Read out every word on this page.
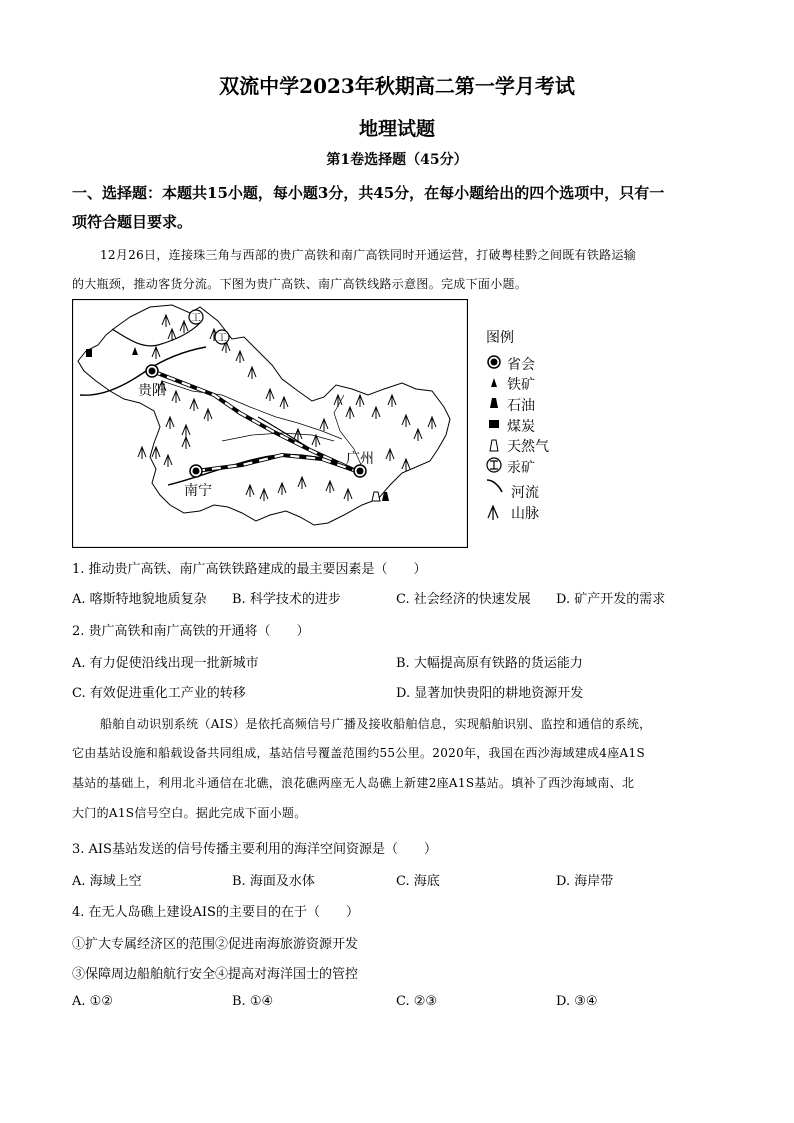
双流中学2023年秋期高二第一学月考试
地理试题
第1卷选择题（45分）
一、选择题：本题共15小题，每小题3分，共45分，在每小题给出的四个选项中，只有一
项符合题目要求。
12月26日，连接珠三角与西部的贵广高铁和南广高铁同时开通运营，打破粤桂黔之间既有铁路运输
的大瓶颈，推动客货分流。下图为贵广高铁、南广高铁线路示意图。完成下面小题。
工
工
贵阳
南宁
广州
图例
省会
铁矿
石油
煤炭
天然气
汞矿
河流
山脉
1. 推动贵广高铁、南广高铁铁路建成的最主要因素是（　　）
A. 喀斯特地貌地质复杂 B. 科学技术的进步	C. 社会经济的快速发展 D. 矿产开发的需求
2. 贵广高铁和南广高铁的开通将（　　）
A. 有力促使沿线出现一批新城市	B. 大幅提高原有铁路的货运能力
C. 有效促进重化工产业的转移	D. 显著加快贵阳的耕地资源开发
船舶自动识别系统（AIS）是依托高频信号广播及接收船舶信息，实现船舶识别、监控和通信的系统，
它由基站设施和船载设备共同组成，基站信号覆盖范围约55公里。2020年，我国在西沙海域建成4座A1S
基站的基础上，利用北斗通信在北礁，浪花礁两座无人岛礁上新建2座A1S基站。填补了西沙海域南、北
大门的A1S信号空白。据此完成下面小题。
3. AIS基站发送的信号传播主要利用的海洋空间资源是（　　）
A. 海域上空	B. 海面及水体	C. 海底	D. 海岸带
4. 在无人岛礁上建设AIS的主要目的在于（　　）
①扩大专属经济区的范围②促进南海旅游资源开发
③保障周边船舶航行安全④提高对海洋国士的管控
A. ①②	B. ①④	C. ②③	D. ③④
